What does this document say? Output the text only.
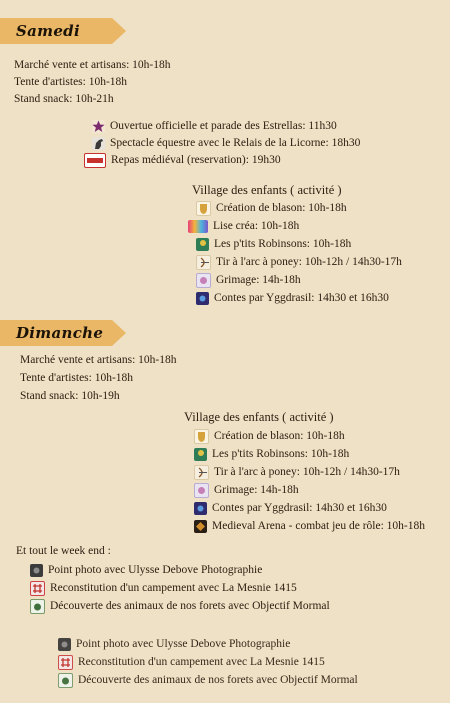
Samedi
Marché vente et artisans: 10h-18h
Tente d'artistes: 10h-18h
Stand snack: 10h-21h
Ouvertue officielle et parade des Estrellas: 11h30
Spectacle équestre avec le Relais de la Licorne: 18h30
Repas médiéval (reservation): 19h30
Village des enfants ( activité )
Création de blason: 10h-18h
Lise créa: 10h-18h
Les p'tits Robinsons: 10h-18h
Tir à l'arc à poney: 10h-12h / 14h30-17h
Grimage: 14h-18h
Contes par Yggdrasil: 14h30 et 16h30
Dimanche
Marché vente et artisans: 10h-18h
Tente d'artistes: 10h-18h
Stand snack: 10h-19h
Village des enfants ( activité )
Création de blason: 10h-18h
Les p'tits Robinsons: 10h-18h
Tir à l'arc à poney: 10h-12h / 14h30-17h
Grimage: 14h-18h
Contes par Yggdrasil: 14h30 et 16h30
Medieval Arena - combat jeu de rôle: 10h-18h
Et tout le week end :
Point photo avec Ulysse Debove Photographie
Reconstitution d'un campement avec La Mesnie 1415
Découverte des animaux de nos forets avec Objectif Mormal
Point photo avec Ulysse Debove Photographie
Reconstitution d'un campement avec La Mesnie 1415
Découverte des animaux de nos forets avec Objectif Mormal
